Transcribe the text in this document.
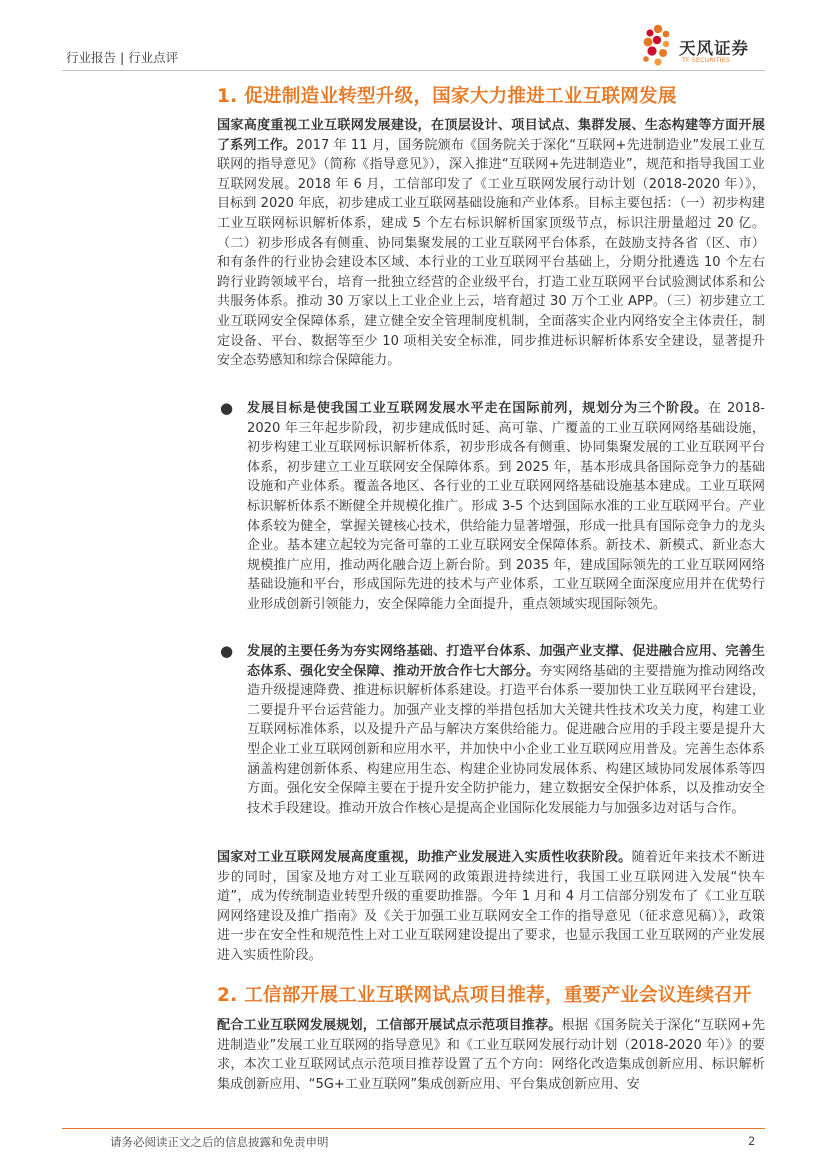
行业报告 | 行业点评	天风证券
TF SECURITIES
1. 促进制造业转型升级，国家大力推进工业互联网发展

国家高度重视工业互联网发展建设，在顶层设计、项目试点、集群发展、生态构建等方面开展了系列工作。2017 年 11 月，国务院颁布《国务院关于深化“互联网+先进制造业”发展工业互联网的指导意见》（简称《指导意见》），深入推进“互联网+先进制造业”，规范和指导我国工业互联网发展。2018 年 6 月，工信部印发了《工业互联网发展行动计划（2018-2020 年）》，目标到 2020 年底，初步建成工业互联网基础设施和产业体系。目标主要包括：（一）初步构建工业互联网标识解析体系，建成 5 个左右标识解析国家顶级节点，标识注册量超过 20 亿。（二）初步形成各有侧重、协同集聚发展的工业互联网平台体系，在鼓励支持各省（区、市）和有条件的行业协会建设本区域、本行业的工业互联网平台基础上，分期分批遴选 10 个左右跨行业跨领域平台，培育一批独立经营的企业级平台，打造工业互联网平台试验测试体系和公共服务体系。推动 30 万家以上工业企业上云，培育超过 30 万个工业 APP。（三）初步建立工业互联网安全保障体系，建立健全安全管理制度机制，全面落实企业内网络安全主体责任，制定设备、平台、数据等至少 10 项相关安全标准，同步推进标识解析体系安全建设，显著提升安全态势感知和综合保障能力。

● 发展目标是使我国工业互联网发展水平走在国际前列，规划分为三个阶段。在 2018-2020 年三年起步阶段，初步建成低时延、高可靠、广覆盖的工业互联网网络基础设施，初步构建工业互联网标识解析体系，初步形成各有侧重、协同集聚发展的工业互联网平台体系，初步建立工业互联网安全保障体系。到 2025 年，基本形成具备国际竞争力的基础设施和产业体系。覆盖各地区、各行业的工业互联网网络基础设施基本建成。工业互联网标识解析体系不断健全并规模化推广。形成 3-5 个达到国际水准的工业互联网平台。产业体系较为健全，掌握关键核心技术，供给能力显著增强，形成一批具有国际竞争力的龙头企业。基本建立起较为完备可靠的工业互联网安全保障体系。新技术、新模式、新业态大规模推广应用，推动两化融合迈上新台阶。到 2035 年，建成国际领先的工业互联网网络基础设施和平台，形成国际先进的技术与产业体系，工业互联网全面深度应用并在优势行业形成创新引领能力，安全保障能力全面提升，重点领域实现国际领先。

● 发展的主要任务为夯实网络基础、打造平台体系、加强产业支撑、促进融合应用、完善生态体系、强化安全保障、推动开放合作七大部分。夯实网络基础的主要措施为推动网络改造升级提速降费、推进标识解析体系建设。打造平台体系一要加快工业互联网平台建设，二要提升平台运营能力。加强产业支撑的举措包括加大关键共性技术攻关力度，构建工业互联网标准体系，以及提升产品与解决方案供给能力。促进融合应用的手段主要是提升大型企业工业互联网创新和应用水平，并加快中小企业工业互联网应用普及。完善生态体系涵盖构建创新体系、构建应用生态、构建企业协同发展体系、构建区域协同发展体系等四方面。强化安全保障主要在于提升安全防护能力，建立数据安全保护体系，以及推动安全技术手段建设。推动开放合作核心是提高企业国际化发展能力与加强多边对话与合作。

国家对工业互联网发展高度重视，助推产业发展进入实质性收获阶段。随着近年来技术不断进步的同时，国家及地方对工业互联网的政策跟进持续进行，我国工业互联网进入发展“快车道”，成为传统制造业转型升级的重要助推器。今年 1 月和 4 月工信部分别发布了《工业互联网网络建设及推广指南》及《关于加强工业互联网安全工作的指导意见（征求意见稿）》，政策进一步在安全性和规范性上对工业互联网建设提出了要求，也显示我国工业互联网的产业发展进入实质性阶段。

2. 工信部开展工业互联网试点项目推荐，重要产业会议连续召开

配合工业互联网发展规划，工信部开展试点示范项目推荐。根据《国务院关于深化“互联网+先进制造业”发展工业互联网的指导意见》和《工业互联网发展行动计划（2018-2020 年）》的要求，本次工业互联网试点示范项目推荐设置了五个方向：网络化改造集成创新应用、标识解析集成创新应用、“5G+工业互联网”集成创新应用、平台集成创新应用、安

请务必阅读正文之后的信息披露和免责申明	2
